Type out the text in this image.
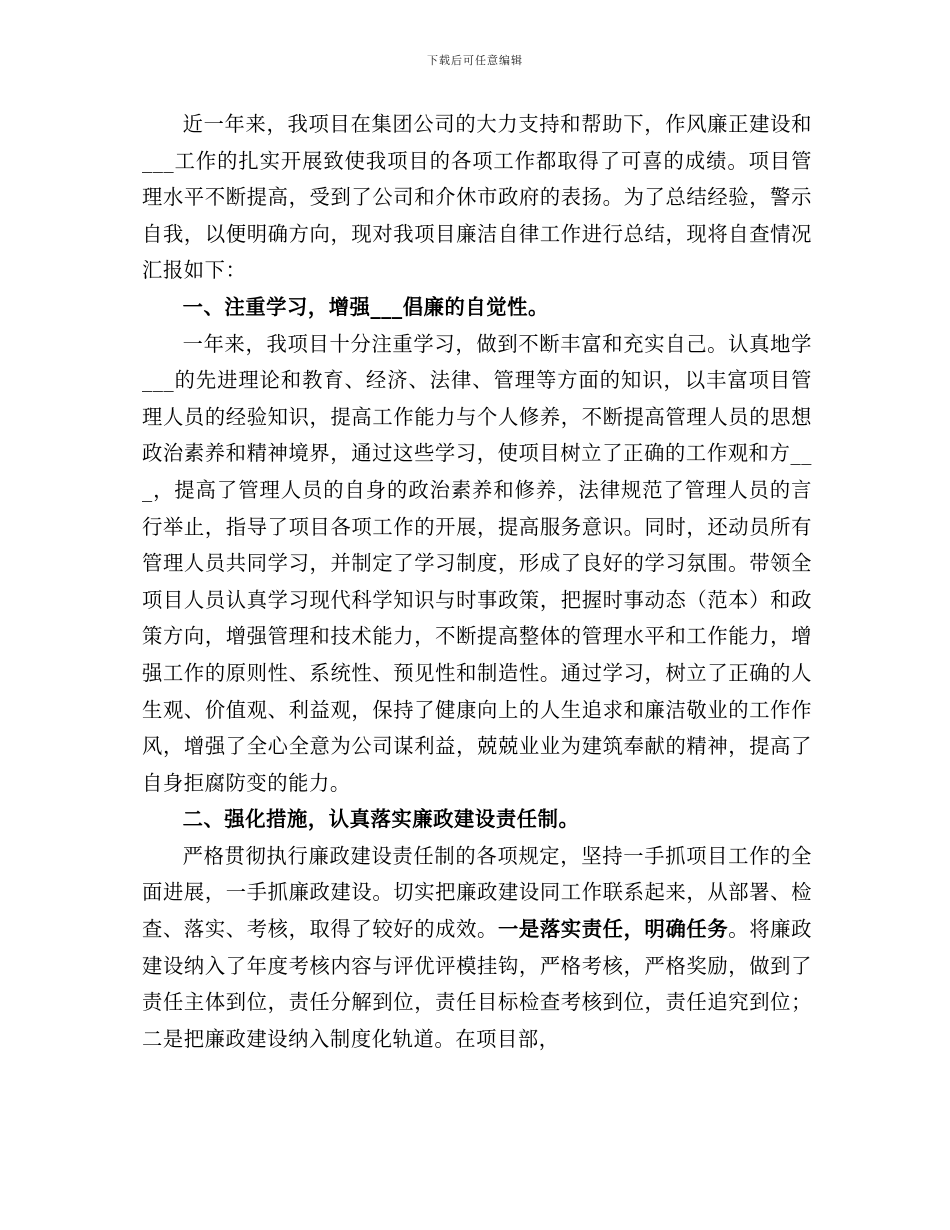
下载后可任意编辑

近一年来，我项目在集团公司的大力支持和帮助下，作风廉正建设和___工作的扎实开展致使我项目的各项工作都取得了可喜的成绩。项目管理水平不断提高，受到了公司和介休市政府的表扬。为了总结经验，警示自我，以便明确方向，现对我项目廉洁自律工作进行总结，现将自查情况汇报如下：

一、注重学习，增强___倡廉的自觉性。

一年来，我项目十分注重学习，做到不断丰富和充实自己。认真地学___的先进理论和教育、经济、法律、管理等方面的知识，以丰富项目管理人员的经验知识，提高工作能力与个人修养，不断提高管理人员的思想政治素养和精神境界，通过这些学习，使项目树立了正确的工作观和方___，提高了管理人员的自身的政治素养和修养，法律规范了管理人员的言行举止，指导了项目各项工作的开展，提高服务意识。同时，还动员所有管理人员共同学习，并制定了学习制度，形成了良好的学习氛围。带领全项目人员认真学习现代科学知识与时事政策，把握时事动态（范本）和政策方向，增强管理和技术能力，不断提高整体的管理水平和工作能力，增强工作的原则性、系统性、预见性和制造性。通过学习，树立了正确的人生观、价值观、利益观，保持了健康向上的人生追求和廉洁敬业的工作作风，增强了全心全意为公司谋利益，兢兢业业为建筑奉献的精神，提高了自身拒腐防变的能力。

二、强化措施，认真落实廉政建设责任制。

严格贯彻执行廉政建设责任制的各项规定，坚持一手抓项目工作的全面进展，一手抓廉政建设。切实把廉政建设同工作联系起来，从部署、检查、落实、考核，取得了较好的成效。一是落实责任，明确任务。将廉政建设纳入了年度考核内容与评优评模挂钩，严格考核，严格奖励，做到了责任主体到位，责任分解到位，责任目标检查考核到位，责任追究到位；二是把廉政建设纳入制度化轨道。在项目部，
